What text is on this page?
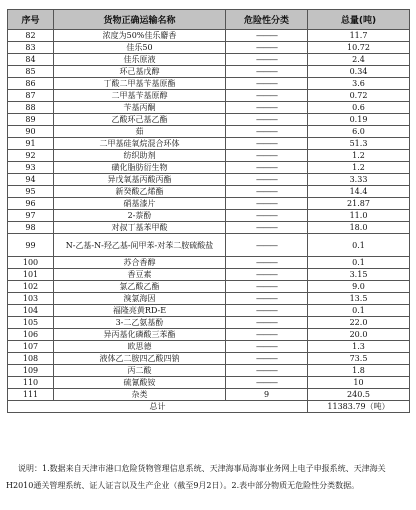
序号	货物正确运输名称	危险性分类	总量(吨)
82	浓度为50%佳乐麝香	———	11.7
83	佳乐50	———	10.72
84	佳乐原液	———	2.4
85	环己基戊醇	———	0.34
86	丁酸二甲基苄基原酯	———	3.6
87	二甲基苄基原醇	———	0.72
88	苄基丙酮	———	0.6
89	乙酸环己基乙酯	———	0.19
90	茹	———	6.0
91	二甲基硅氧烷混合环体	———	51.3
92	纺织助剂	———	1.2
93	磺化脂肪衍生物	———	1.2
94	异戊氧基丙酸丙酯	———	3.33
95	新癸酸乙烯酯	———	14.4
96	硝基漆片	———	21.87
97	2-萘酚	———	11.0
98	对叔丁基苯甲酸	———	18.0
99	N-乙基-N-羟乙基-间甲苯-对苯二胺硫酸盐	———	0.1
100	苏合香醇	———	0.1
101	香豆素	———	3.15
102	氯乙酸乙酯	———	9.0
103	溴氯海因	———	13.5
104	福隆亮黄RD-E	———	0.1
105	3-二乙氨基酚	———	22.0
106	异丙基化磷酸三苯酯	———	20.0
107	欧思德	———	1.3
108	液体乙二胺四乙酸四钠	———	73.5
109	丙二酸	———	1.8
110	硫氰酸铵	———	10
111	杂类	9	240.5
总计			11383.79（吨）
说明：1.数据来自天津市港口危险货物管理信息系统、天津海事局海事业务网上电子申报系统、天津海关H2010通关管理系统、证人证言以及生产企业（截至9月2日）。2.表中部分物质无危险性分类数据。
